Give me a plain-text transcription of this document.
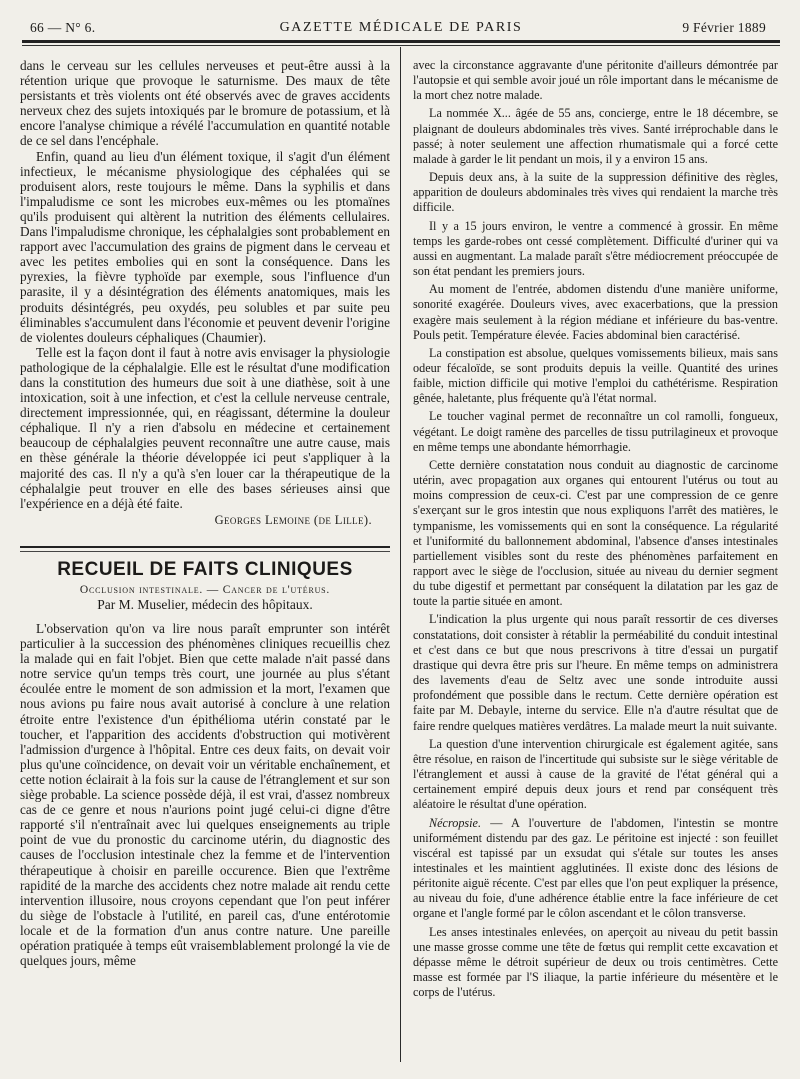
66 — N° 6.	GAZETTE MÉDICALE DE PARIS	9 Février 1889

dans le cerveau sur les cellules nerveuses et peut-être aussi à la rétention urique que provoque le saturnisme. Des maux de tête persistants et très violents ont été observés avec de graves accidents nerveux chez des sujets intoxiqués par le bromure de potassium, et là encore l'analyse chimique a révélé l'accumulation en quantité notable de ce sel dans l'encéphale.

Enfin, quand au lieu d'un élément toxique, il s'agit d'un élément infectieux, le mécanisme physiologique des céphalées qui se produisent alors, reste toujours le même. Dans la syphilis et dans l'impaludisme ce sont les microbes eux-mêmes ou les ptomaïnes qu'ils produisent qui altèrent la nutrition des éléments cellulaires. Dans l'impaludisme chronique, les céphalalgies sont probablement en rapport avec l'accumulation des grains de pigment dans le cerveau et avec les petites embolies qui en sont la conséquence. Dans les pyrexies, la fièvre typhoïde par exemple, sous l'influence d'un parasite, il y a désintégration des éléments anatomiques, mais les produits désintégrés, peu oxydés, peu solubles et par suite peu éliminables s'accumulent dans l'économie et peuvent devenir l'origine de violentes douleurs céphaliques (Chaumier).

Telle est la façon dont il faut à notre avis envisager la physiologie pathologique de la céphalalgie. Elle est le résultat d'une modification dans la constitution des humeurs due soit à une diathèse, soit à une intoxication, soit à une infection, et c'est la cellule nerveuse centrale, directement impressionnée, qui, en réagissant, détermine la douleur céphalique. Il n'y a rien d'absolu en médecine et certainement beaucoup de céphalalgies peuvent reconnaître une autre cause, mais en thèse générale la théorie développée ici peut s'appliquer à la majorité des cas. Il n'y a qu'à s'en louer car la thérapeutique de la céphalalgie peut trouver en elle des bases sérieuses ainsi que l'expérience en a déjà été faite.

Georges Lemoine (de Lille).
RECUEIL DE FAITS CLINIQUES
Occlusion intestinale. — Cancer de l'utérus.
Par M. Muselier, médecin des hôpitaux.

L'observation qu'on va lire nous paraît emprunter son intérêt particulier à la succession des phénomènes cliniques recueillis chez la malade qui en fait l'objet. Bien que cette malade n'ait passé dans notre service qu'un temps très court, une journée au plus s'étant écoulée entre le moment de son admission et la mort, l'examen que nous avions pu faire nous avait autorisé à conclure à une relation étroite entre l'existence d'un épithélioma utérin constaté par le toucher, et l'apparition des accidents d'obstruction qui motivèrent l'admission d'urgence à l'hôpital. Entre ces deux faits, on devait voir plus qu'une coïncidence, on devait voir un véritable enchaînement, et cette notion éclairait à la fois sur la cause de l'étranglement et sur son siège probable. La science possède déjà, il est vrai, d'assez nombreux cas de ce genre et nous n'aurions point jugé celui-ci digne d'être rapporté s'il n'entraînait avec lui quelques enseignements au triple point de vue du pronostic du carcinome utérin, du diagnostic des causes de l'occlusion intestinale chez la femme et de l'intervention thérapeutique à choisir en pareille occurence. Bien que l'extrême rapidité de la marche des accidents chez notre malade ait rendu cette intervention illusoire, nous croyons cependant que l'on peut inférer du siège de l'obstacle à l'utilité, en pareil cas, d'une entérotomie locale et de la formation d'un anus contre nature. Une pareille opération pratiquée à temps eût vraisemblablement prolongé la vie de quelques jours, même

avec la circonstance aggravante d'une péritonite d'ailleurs démontrée par l'autopsie et qui semble avoir joué un rôle important dans le mécanisme de la mort chez notre malade.

La nommée X... âgée de 55 ans, concierge, entre le 18 décembre, se plaignant de douleurs abdominales très vives. Santé irréprochable dans le passé; à noter seulement une affection rhumatismale qui a forcé cette malade à garder le lit pendant un mois, il y a environ 15 ans.

Depuis deux ans, à la suite de la suppression définitive des règles, apparition de douleurs abdominales très vives qui rendaient la marche très difficile.

Il y a 15 jours environ, le ventre a commencé à grossir. En même temps les garde-robes ont cessé complètement. Difficulté d'uriner qui va aussi en augmentant. La malade paraît s'être médiocrement préoccupée de son état pendant les premiers jours.

Au moment de l'entrée, abdomen distendu d'une manière uniforme, sonorité exagérée. Douleurs vives, avec exacerbations, que la pression exagère mais seulement à la région médiane et inférieure du bas-ventre. Pouls petit. Température élevée. Facies abdominal bien caractérisé.

La constipation est absolue, quelques vomissements bilieux, mais sans odeur fécaloïde, se sont produits depuis la veille. Quantité des urines faible, miction difficile qui motive l'emploi du cathétérisme. Respiration gênée, haletante, plus fréquente qu'à l'état normal.

Le toucher vaginal permet de reconnaître un col ramolli, fongueux, végétant. Le doigt ramène des parcelles de tissu putrilagineux et provoque en même temps une abondante hémorrhagie.

Cette dernière constatation nous conduit au diagnostic de carcinome utérin, avec propagation aux organes qui entourent l'utérus ou tout au moins compression de ceux-ci. C'est par une compression de ce genre s'exerçant sur le gros intestin que nous expliquons l'arrêt des matières, le tympanisme, les vomissements qui en sont la conséquence. La régularité et l'uniformité du ballonnement abdominal, l'absence d'anses intestinales partiellement visibles sont du reste des phénomènes parfaitement en rapport avec le siège de l'occlusion, située au niveau du dernier segment du tube digestif et permettant par conséquent la dilatation par les gaz de toute la partie située en amont.

L'indication la plus urgente qui nous paraît ressortir de ces diverses constatations, doit consister à rétablir la perméabilité du conduit intestinal et c'est dans ce but que nous prescrivons à titre d'essai un purgatif drastique qui devra être pris sur l'heure. En même temps on administrera des lavements d'eau de Seltz avec une sonde introduite aussi profondément que possible dans le rectum. Cette dernière opération est faite par M. Debayle, interne du service. Elle n'a d'autre résultat que de faire rendre quelques matières verdâtres. La malade meurt la nuit suivante.

La question d'une intervention chirurgicale est également agitée, sans être résolue, en raison de l'incertitude qui subsiste sur le siège véritable de l'étranglement et aussi à cause de la gravité de l'état général qui a certainement empiré depuis deux jours et rend par conséquent très aléatoire le résultat d'une opération.

Nécropsie. — A l'ouverture de l'abdomen, l'intestin se montre uniformément distendu par des gaz. Le péritoine est injecté : son feuillet viscéral est tapissé par un exsudat qui s'étale sur toutes les anses intestinales et les maintient agglutinées. Il existe donc des lésions de péritonite aiguë récente. C'est par elles que l'on peut expliquer la présence, au niveau du foie, d'une adhérence établie entre la face inférieure de cet organe et l'angle formé par le côlon ascendant et le côlon transverse.

Les anses intestinales enlevées, on aperçoit au niveau du petit bassin une masse grosse comme une tête de fœtus qui remplit cette excavation et dépasse même le détroit supérieur de deux ou trois centimètres. Cette masse est formée par l'S iliaque, la partie inférieure du mésentère et le corps de l'utérus.
